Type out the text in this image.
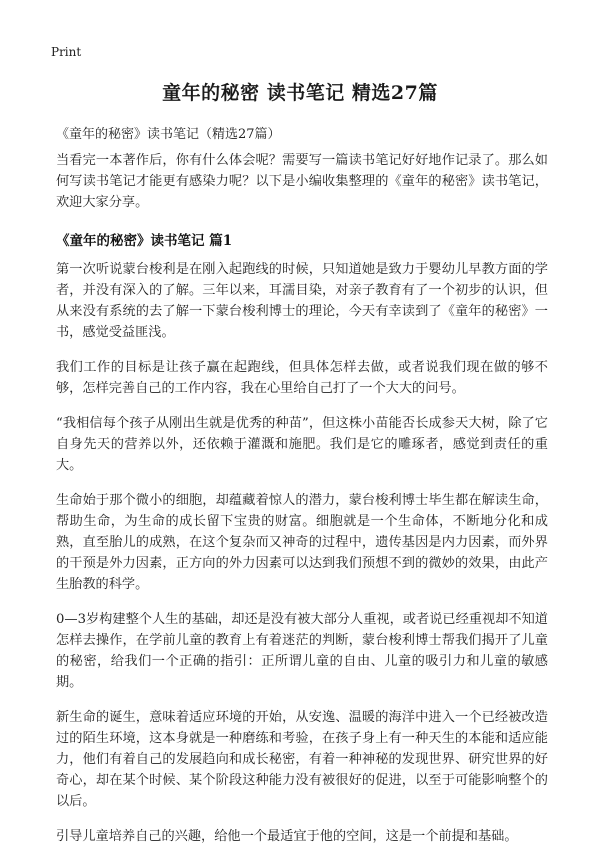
Print
童年的秘密 读书笔记 精选27篇

《童年的秘密》读书笔记（精选27篇）

当看完一本著作后，你有什么体会呢？需要写一篇读书笔记好好地作记录了。那么如何写读书笔记才能更有感染力呢？以下是小编收集整理的《童年的秘密》读书笔记，欢迎大家分享。

《童年的秘密》读书笔记 篇1

第一次听说蒙台梭利是在刚入起跑线的时候，只知道她是致力于婴幼儿早教方面的学者，并没有深入的了解。三年以来，耳濡目染，对亲子教育有了一个初步的认识，但从来没有系统的去了解一下蒙台梭利博士的理论，今天有幸读到了《童年的秘密》一书，感觉受益匪浅。

我们工作的目标是让孩子赢在起跑线，但具体怎样去做，或者说我们现在做的够不够，怎样完善自己的工作内容，我在心里给自己打了一个大大的问号。

“我相信每个孩子从刚出生就是优秀的种苗”，但这株小苗能否长成参天大树，除了它自身先天的营养以外，还依赖于灌溉和施肥。我们是它的雕琢者，感觉到责任的重大。

生命始于那个微小的细胞，却蕴藏着惊人的潜力，蒙台梭利博士毕生都在解读生命，帮助生命，为生命的成长留下宝贵的财富。细胞就是一个生命体，不断地分化和成熟，直至胎儿的成熟，在这个复杂而又神奇的过程中，遗传基因是内力因素，而外界的干预是外力因素，正方向的外力因素可以达到我们预想不到的微妙的效果，由此产生胎教的科学。

0—3岁构建整个人生的基础，却还是没有被大部分人重视，或者说已经重视却不知道怎样去操作，在学前儿童的教育上有着迷茫的判断，蒙台梭利博士帮我们揭开了儿童的秘密，给我们一个正确的指引：正所谓儿童的自由、儿童的吸引力和儿童的敏感期。

新生命的诞生，意味着适应环境的开始，从安逸、温暖的海洋中进入一个已经被改造过的陌生环境，这本身就是一种磨练和考验，在孩子身上有一种天生的本能和适应能力，他们有着自己的发展趋向和成长秘密，有着一种神秘的发现世界、研究世界的好奇心，却在某个时候、某个阶段这种能力没有被很好的促进，以至于可能影响整个的以后。

引导儿童培养自己的兴趣，给他一个最适宜于他的空间，这是一个前提和基础。
